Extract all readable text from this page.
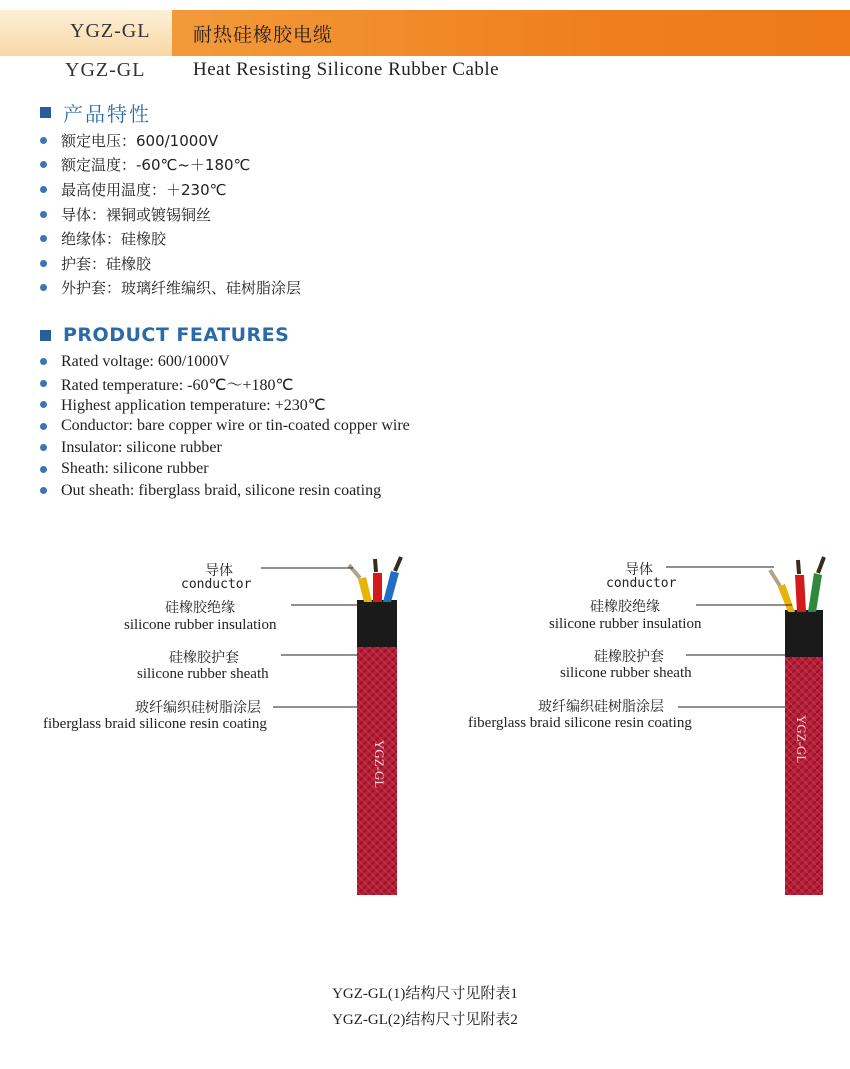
YGZ-GL 耐热硅橡胶电缆
YGZ-GL	Heat Resisting Silicone Rubber Cable
产品特性
额定电压：600/1000V
额定温度：-60℃~＋180℃
最高使用温度：＋230℃
导体：裸铜或镀锡铜丝
绝缘体：硅橡胶
护套：硅橡胶
外护套：玻璃纤维编织、硅树脂涂层
PRODUCT FEATURES
Rated voltage: 600/1000V
Rated temperature: -60℃～+180℃
Highest application temperature: +230℃
Conductor: bare copper wire or tin-coated copper wire
Insulator: silicone rubber
Sheath: silicone rubber
Out sheath: fiberglass braid, silicone resin coating
YGZ-GL
导体
conductor
硅橡胶绝缘
silicone rubber insulation
硅橡胶护套
silicone rubber sheath
玻纤编织硅树脂涂层
fiberglass braid silicone resin coating	YGZ-GL
导体
conductor
硅橡胶绝缘
silicone rubber insulation
硅橡胶护套
silicone rubber sheath
玻纤编织硅树脂涂层
fiberglass braid silicone resin coating
YGZ-GL(1)结构尺寸见附表1
YGZ-GL(2)结构尺寸见附表2
